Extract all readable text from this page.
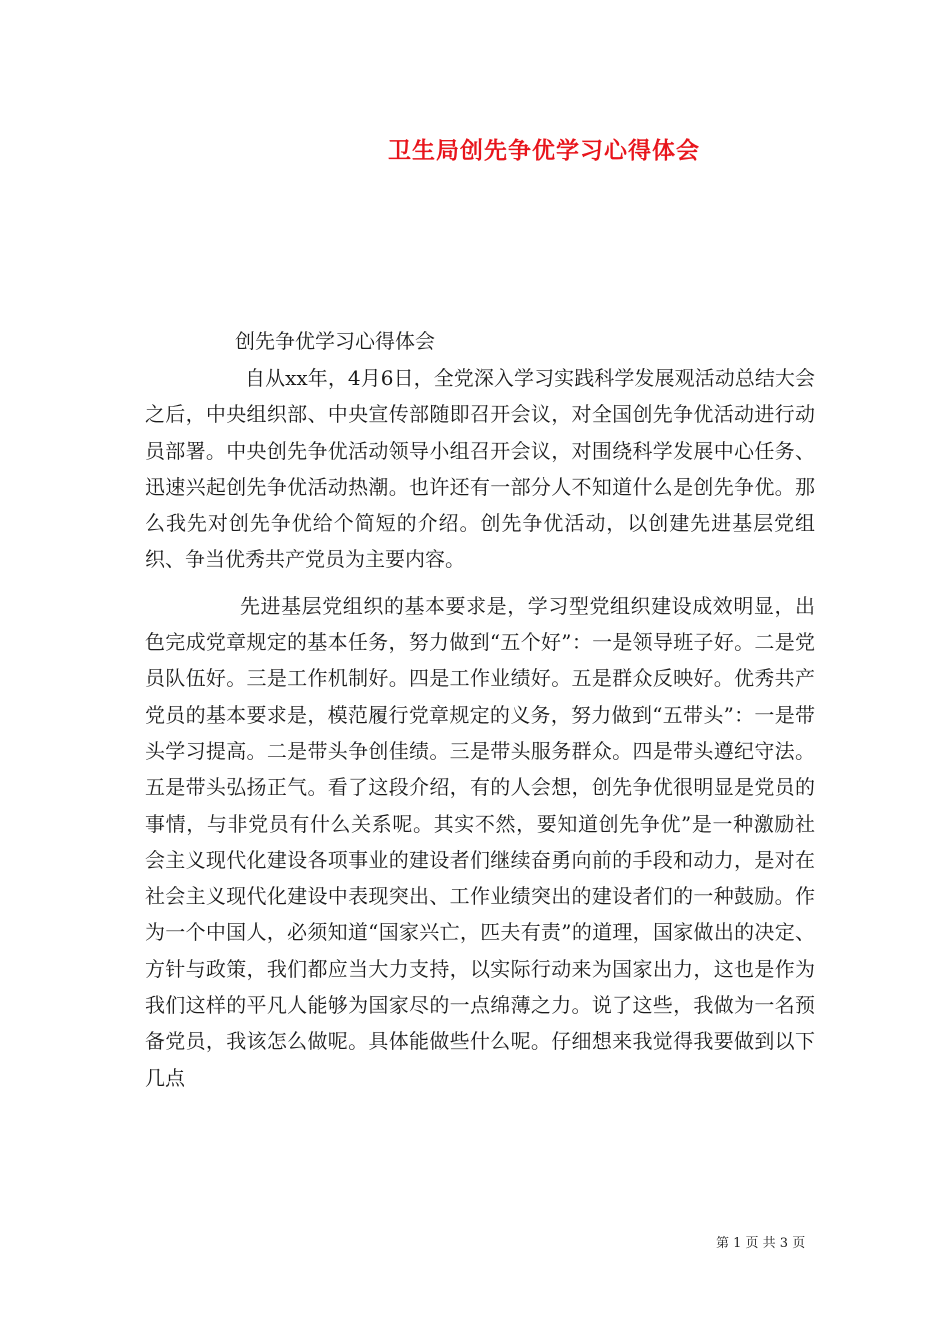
卫生局创先争优学习心得体会

创先争优学习心得体会

自从xx年，4月6日，全党深入学习实践科学发展观活动总结大会之后，中央组织部、中央宣传部随即召开会议，对全国创先争优活动进行动员部署。中央创先争优活动领导小组召开会议，对围绕科学发展中心任务、迅速兴起创先争优活动热潮。也许还有一部分人不知道什么是创先争优。那么我先对创先争优给个简短的介绍。创先争优活动，以创建先进基层党组织、争当优秀共产党员为主要内容。

先进基层党组织的基本要求是，学习型党组织建设成效明显，出色完成党章规定的基本任务，努力做到“五个好”：一是领导班子好。二是党员队伍好。三是工作机制好。四是工作业绩好。五是群众反映好。优秀共产党员的基本要求是，模范履行党章规定的义务，努力做到“五带头”：一是带头学习提高。二是带头争创佳绩。三是带头服务群众。四是带头遵纪守法。五是带头弘扬正气。看了这段介绍，有的人会想，创先争优很明显是党员的事情，与非党员有什么关系呢。其实不然，要知道创先争优”是一种激励社会主义现代化建设各项事业的建设者们继续奋勇向前的手段和动力，是对在社会主义现代化建设中表现突出、工作业绩突出的建设者们的一种鼓励。作为一个中国人，必须知道“国家兴亡，匹夫有责”的道理，国家做出的决定、方针与政策，我们都应当大力支持，以实际行动来为国家出力，这也是作为我们这样的平凡人能够为国家尽的一点绵薄之力。说了这些，我做为一名预备党员，我该怎么做呢。具体能做些什么呢。仔细想来我觉得我要做到以下几点

第 1 页 共 3 页
